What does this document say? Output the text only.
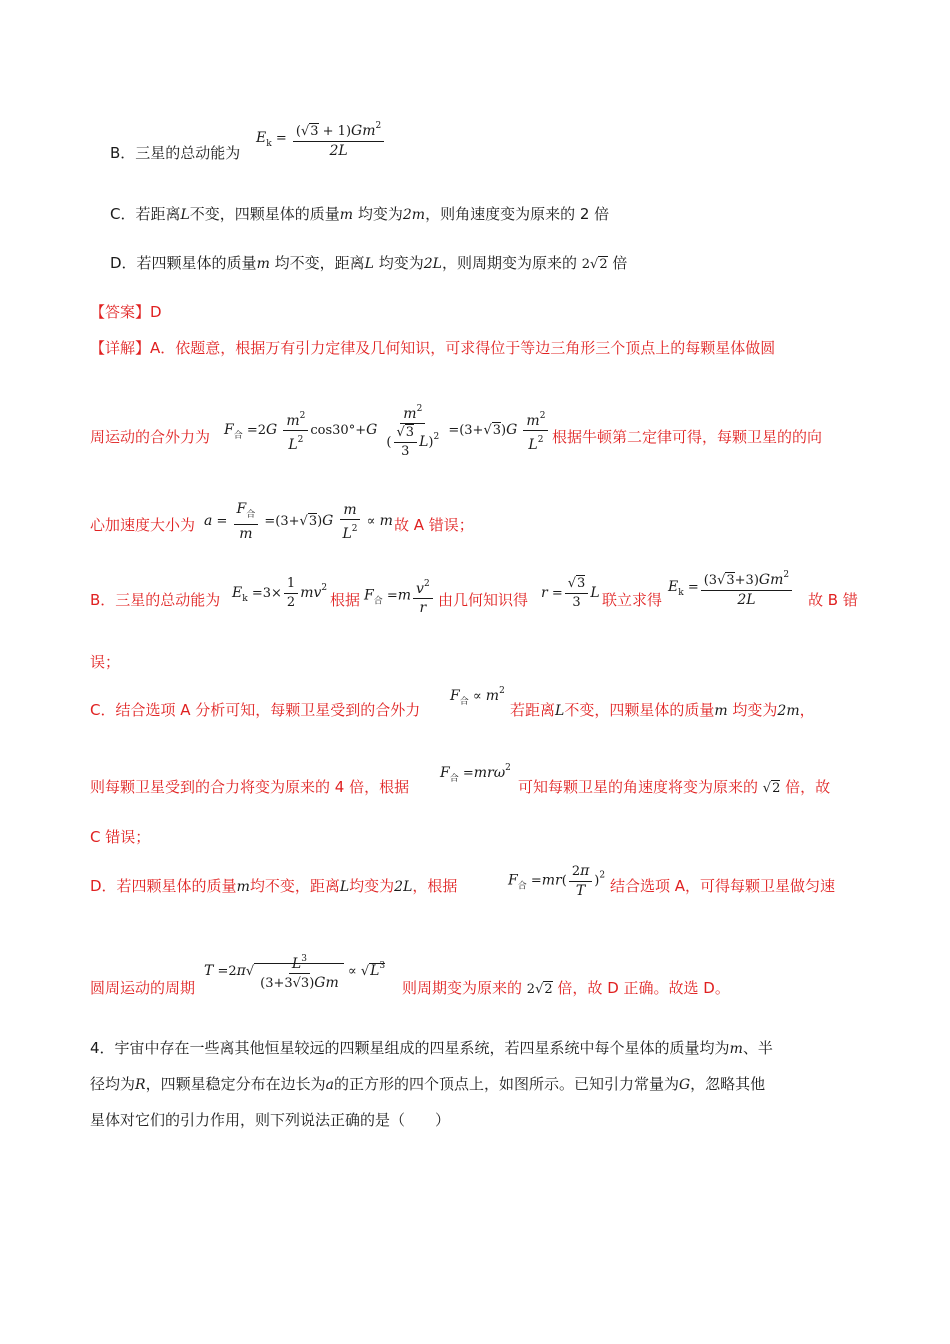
B．三星的总动能为
$E_k = \frac{(√3 + 1)Gm^2}{2L}$
C．若距离L不变，四颗星体的质量m 均变为2m，则角速度变为原来的 2 倍
D．若四颗星体的质量m 均不变，距离L 均变为2L，则周期变为原来的 2√2 倍
【答案】D
【详解】A．依题意，根据万有引力定律及几何知识，可求得位于等边三角形三个顶点上的每颗星体做圆
周运动的合外力为 $F_合 =2G \frac{m^2}{L^2} \cos 30^\circ+G \frac{m^2}{( \frac{√3}{3} L)^2} =(3+√3)G \frac{m^2}{L^2}$ 根据牛顿第二定律可得，每颗卫星的的向
心加速度大小为 $a = \frac{F_合}{m} =(3+√3)G \frac{m}{L^2} \propto m$ 故 A 错误；
B．三星的总动能为 $E_k =3\times \frac{1}{2} mv^2$
根据 $F_合 =m \frac{v^2}{r}$ 由几何知识得 $r = \frac{√3}{3}$ L 联立求得
$E_k = \frac{(3√3+3)Gm^2}{2L}$ 故 B 错
误；
C．结合选项 A 分析可知，每颗卫星受到的合外力
$F_合 \propto m^2$
若距离L不变，四颗星体的质量m 均变为2m，
则每颗卫星受到的合力将变为原来的 4 倍，根据
$F_合 =mr\omega^2$
可知每颗卫星的角速度将变为原来的 √2 倍，故
C 错误；
D．若四颗星体的质量m均不变，距离L均变为2L，根据	$F_合 =mr( \frac{2\pi}{T} )^2$
结合选项 A，可得每颗卫星做匀速
圆周运动的周期
$T =2\pi√ \frac{L^3}{(3+3√3)Gm} \propto √L^3$
则周期变为原来的 2√2 倍，故 D 正确。故选 D。
4．宇宙中存在一些离其他恒星较远的四颗星组成的四星系统，若四星系统中每个星体的质量均为m、半
径均为R，四颗星稳定分布在边长为a的正方形的四个顶点上，如图所示。已知引力常量为G，忽略其他
星体对它们的引力作用，则下列说法正确的是（　　）
